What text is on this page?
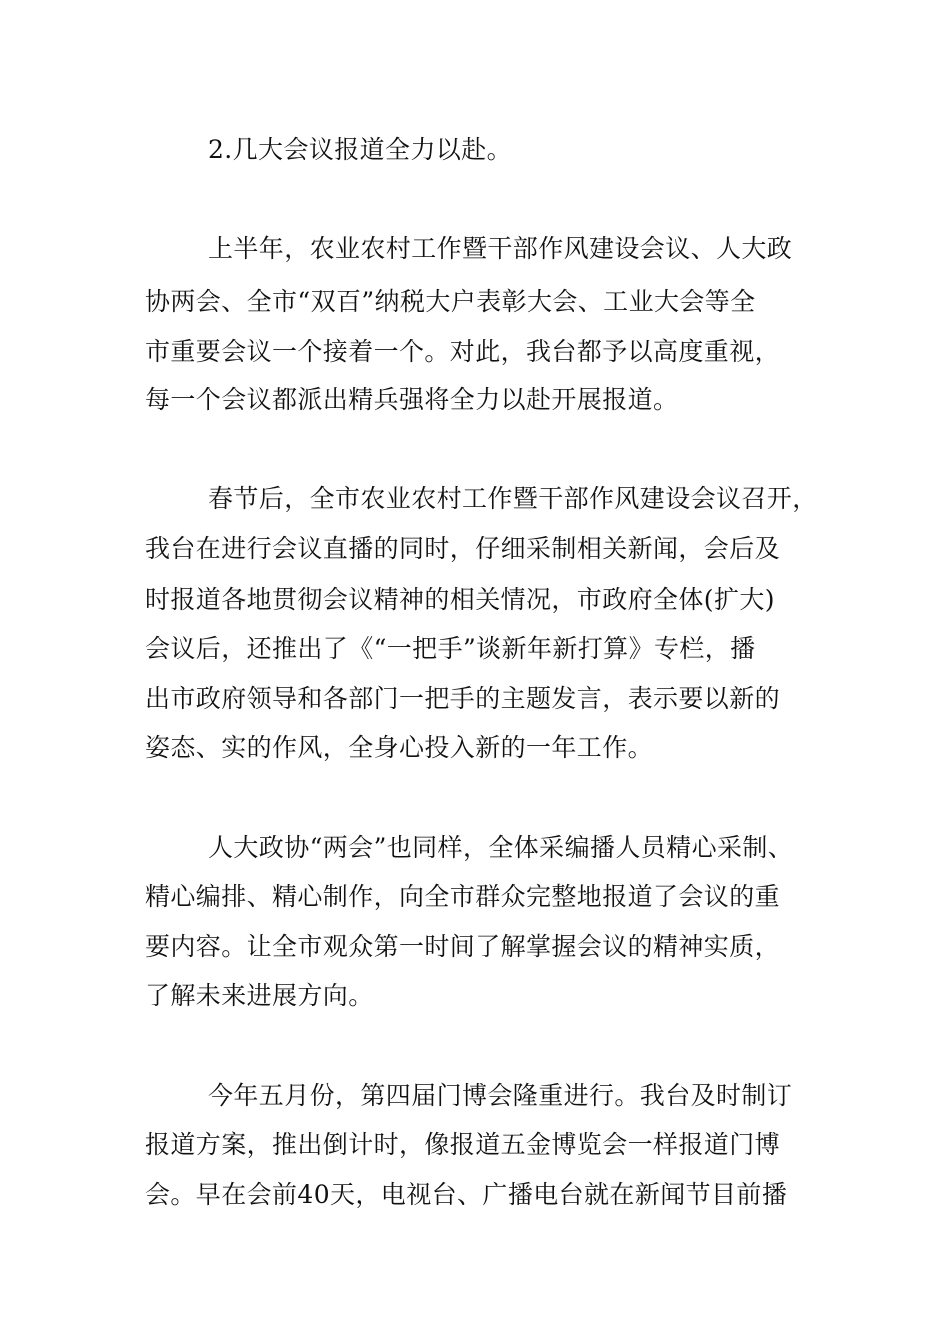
2.几大会议报道全力以赴。
上半年，农业农村工作暨干部作风建设会议、人大政
协两会、全市“双百”纳税大户表彰大会、工业大会等全
市重要会议一个接着一个。对此，我台都予以高度重视，
每一个会议都派出精兵强将全力以赴开展报道。
春节后，全市农业农村工作暨干部作风建设会议召开，
我台在进行会议直播的同时，仔细采制相关新闻，会后及
时报道各地贯彻会议精神的相关情况，市政府全体(扩大)
会议后，还推出了《“一把手”谈新年新打算》专栏，播
出市政府领导和各部门一把手的主题发言，表示要以新的
姿态、实的作风，全身心投入新的一年工作。
人大政协“两会”也同样，全体采编播人员精心采制、
精心编排、精心制作，向全市群众完整地报道了会议的重
要内容。让全市观众第一时间了解掌握会议的精神实质，
了解未来进展方向。
今年五月份，第四届门博会隆重进行。我台及时制订
报道方案，推出倒计时，像报道五金博览会一样报道门博
会。早在会前40天，电视台、广播电台就在新闻节目前播
